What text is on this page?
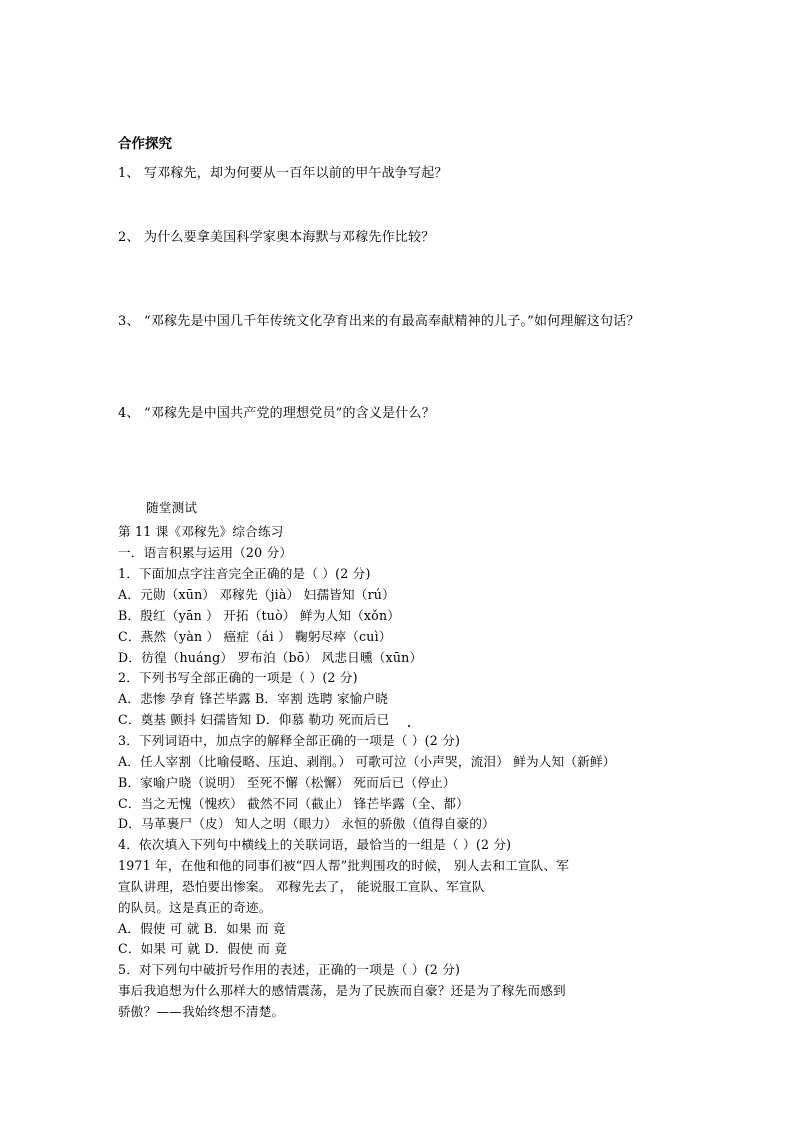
合作探究
1、 写邓稼先，却为何要从一百年以前的甲午战争写起？
2、 为什么要拿美国科学家奥本海默与邓稼先作比较？
3、 “邓稼先是中国几千年传统文化孕育出来的有最高奉献精神的儿子。”如何理解这句话？
4、 “邓稼先是中国共产党的理想党员”的含义是什么？
随堂测试
第 11 课《邓稼先》综合练习
一．语言积累与运用（20 分）
1．下面加点字注音完全正确的是（ ）(2 分)
A．元勋（xūn） 邓稼先（jià） 妇孺皆知（rú）
B．殷红（yān ） 开拓（tuò） 鲜为人知（xǒn）
C．燕然（yàn ） 癌症（ái ） 鞠躬尽瘁（cuì）
D．彷徨（huáng） 罗布泊（bō） 风悲日曛（xūn）
2．下列书写全部正确的一项是（ ）(2 分)
A．悲惨 孕育 锋芒毕露 B．宰割 选聘 家愉户晓
C．奠基 颤抖 妇孺皆知 D．仰慕 勒功 死而后已
3．下列词语中，加点字的解释全部正确的一项是（ ）(2 分)
A．任人宰割（比喻侵略、压迫、剥削。） 可歌可泣（小声哭，流泪） 鲜为人知（新鲜）
B．家喻户晓（说明） 至死不懈（松懈） 死而后已（停止）
C．当之无愧（愧疚） 截然不同（截止） 锋芒毕露（全、都）
D．马革裹尸（皮） 知人之明（眼力） 永恒的骄傲（值得自豪的）
4．依次填入下列句中横线上的关联词语，最恰当的一组是（ ）(2 分)
1971 年，在他和他的同事们被“四人帮”批判围攻的时候， 别人去和工宣队、军
宣队讲理，恐怕要出惨案。 邓稼先去了， 能说服工宣队、军宣队
的队员。这是真正的奇迹。
A．假使 可 就 B．如果 而 竟
C．如果 可 就 D．假使 而 竟
5．对下列句中破折号作用的表述，正确的一项是（ ）(2 分)
事后我追想为什么那样大的感情震荡，是为了民族而自豪？还是为了稼先而感到
骄傲？——我始终想不清楚。
